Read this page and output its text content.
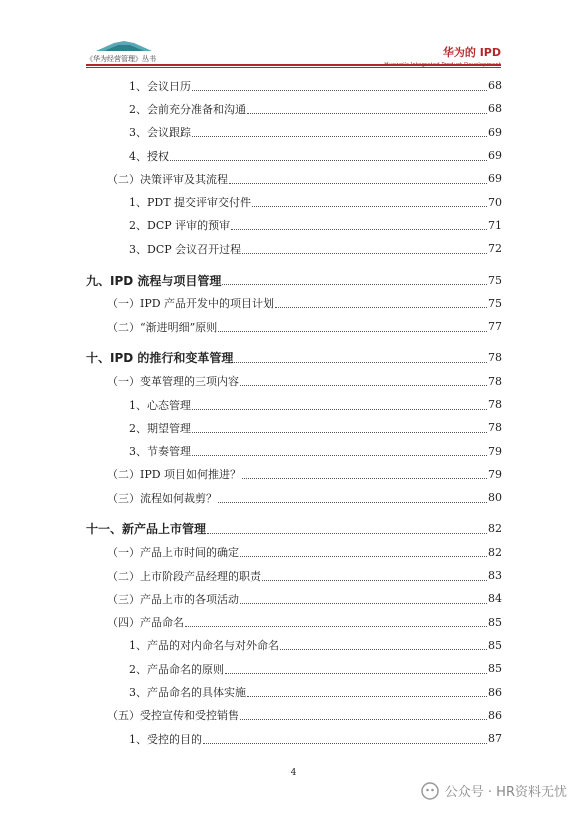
《华为经营管理》丛书	华为的 IPD
1、会议日历	68
2、会前充分准备和沟通	68
3、会议跟踪	69
4、授权	69
（二）决策评审及其流程	69
1、PDT 提交评审交付件	70
2、DCP 评审的预审	71
3、DCP 会议召开过程	72
九、IPD 流程与项目管理	75
（一）IPD 产品开发中的项目计划	75
（二）“渐进明细”原则	77
十、IPD 的推行和变革管理	78
（一）变革管理的三项内容	78
1、心态管理	78
2、期望管理	78
3、节奏管理	79
（二）IPD 项目如何推进？	79
（三）流程如何裁剪？	80
十一、新产品上市管理	82
（一）产品上市时间的确定	82
（二）上市阶段产品经理的职责	83
（三）产品上市的各项活动	84
（四）产品命名	85
1、产品的对内命名与对外命名	85
2、产品命名的原则	85
3、产品命名的具体实施	86
（五）受控宣传和受控销售	86
1、受控的目的	87
4
公众号 · HR资料无忧
